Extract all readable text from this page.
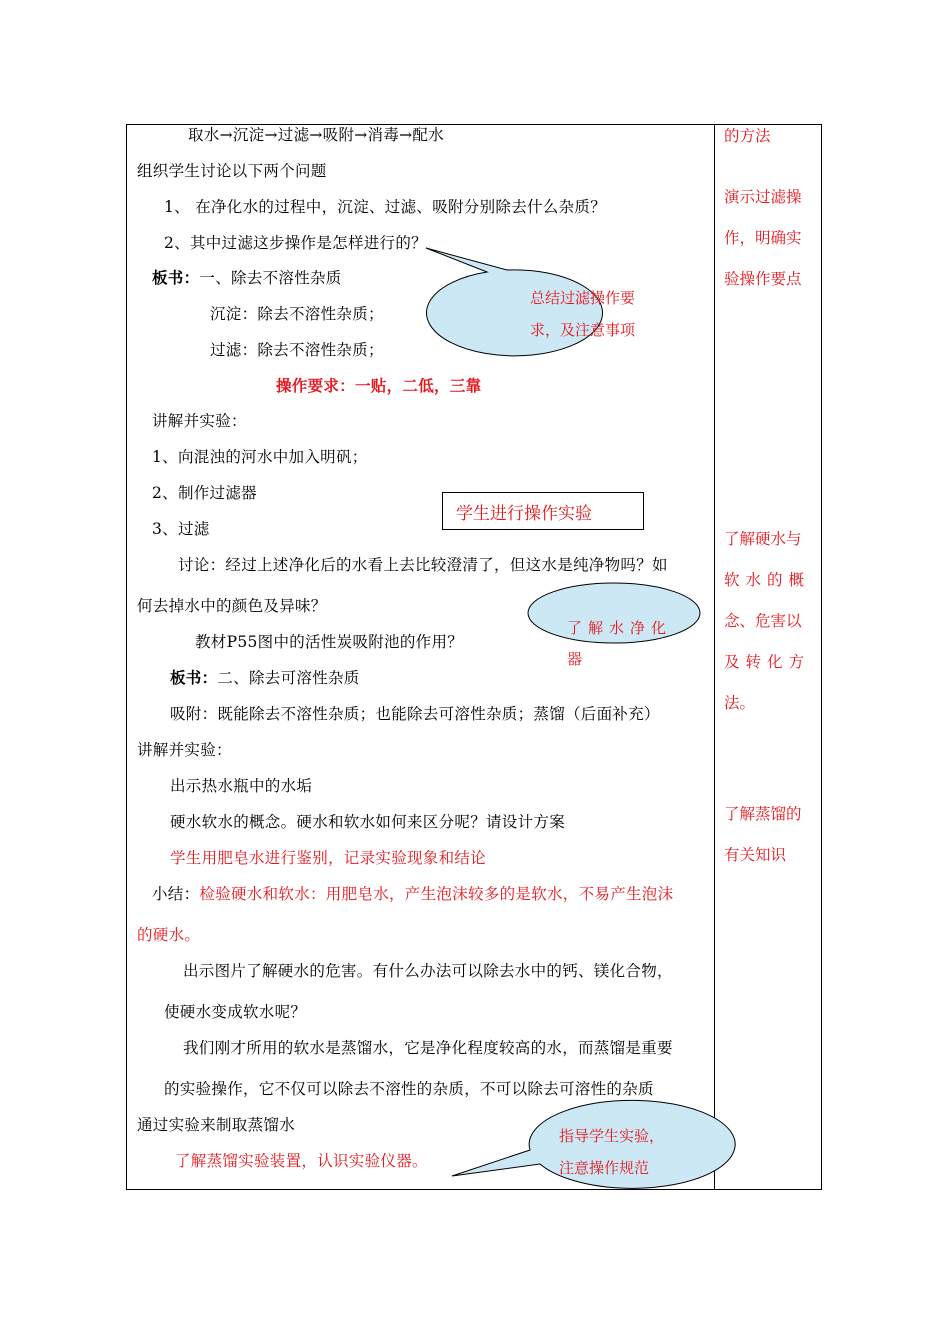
取水→沉淀→过滤→吸附→消毒→配水
组织学生讨论以下两个问题
1、 在净化水的过程中，沉淀、过滤、吸附分别除去什么杂质？
2、其中过滤这步操作是怎样进行的？
板书：一、除去不溶性杂质
沉淀：除去不溶性杂质；
过滤：除去不溶性杂质；
操作要求：一贴，二低，三靠
讲解并实验：
1、向混浊的河水中加入明矾；
2、制作过滤器
3、过滤
讨论：经过上述净化后的水看上去比较澄清了，但这水是纯净物吗？如
何去掉水中的颜色及异味？
教材P55图中的活性炭吸附池的作用？
板书：二、除去可溶性杂质
吸附：既能除去不溶性杂质；也能除去可溶性杂质；蒸馏（后面补充）
讲解并实验：
出示热水瓶中的水垢
硬水软水的概念。硬水和软水如何来区分呢？请设计方案
学生用肥皂水进行鉴别，记录实验现象和结论
小结：检验硬水和软水：用肥皂水，产生泡沫较多的是软水，不易产生泡沫
的硬水。
出示图片了解硬水的危害。有什么办法可以除去水中的钙、镁化合物，
使硬水变成软水呢？
我们刚才所用的软水是蒸馏水，它是净化程度较高的水，而蒸馏是重要
的实验操作，它不仅可以除去不溶性的杂质，不可以除去可溶性的杂质
通过实验来制取蒸馏水
了解蒸馏实验装置，认识实验仪器。
总结过滤操作要
求，及注意事项
学生进行操作实验
了解水净化
器
指导学生实验，
注意操作规范
的方法
演示过滤操
作，明确实
验操作要点
了解硬水与
软水的概
念、危害以
及转化方
法。
了解蒸馏的
有关知识
